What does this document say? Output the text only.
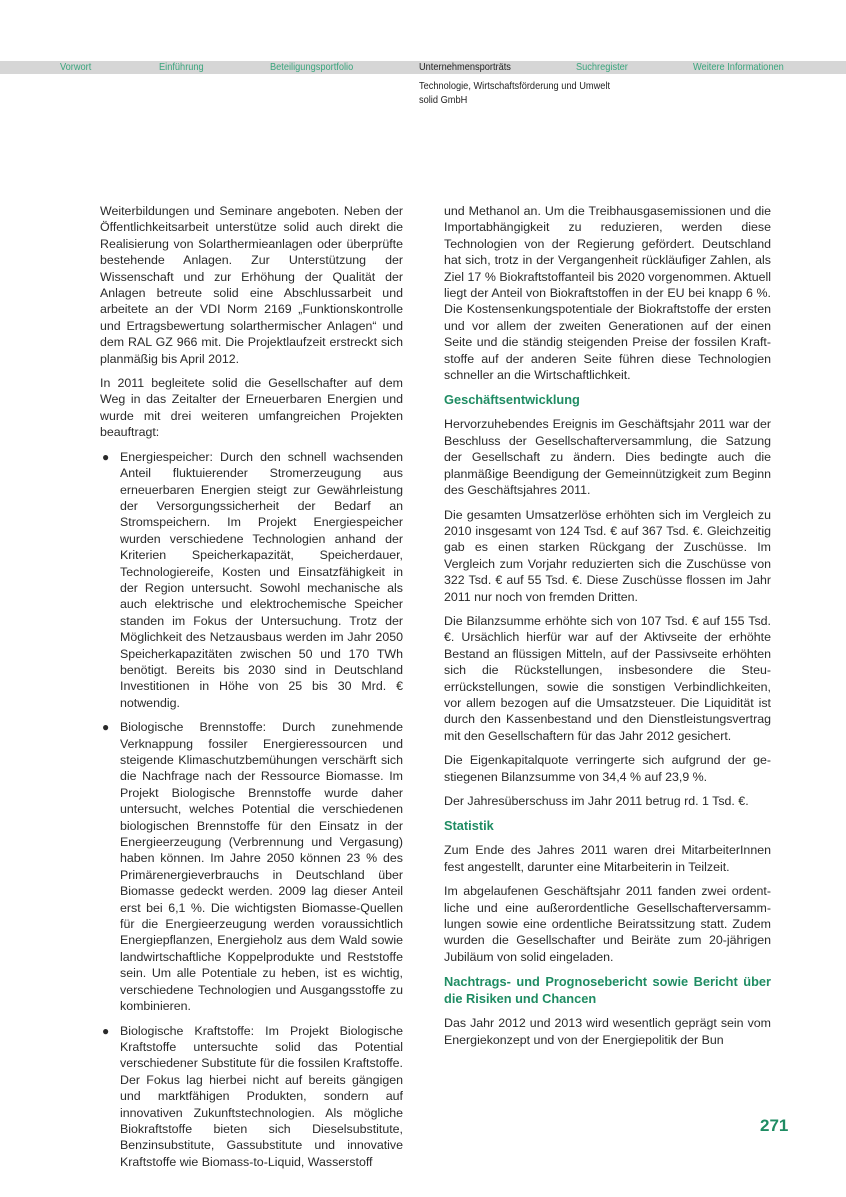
Vorwort	Einführung	Beteiligungsportfolio	Unternehmensporträts	Suchregister	Weitere Informationen
Technologie, Wirtschaftsförderung und Umwelt
solid GmbH

Weiterbildungen und Seminare angeboten. Neben der Öffentlichkeitsarbeit unterstütze solid auch direkt die Realisierung von Solarthermieanlagen oder überprüfte bestehende Anlagen. Zur Unterstützung der Wissenschaft und zur Erhöhung der Qualität der Anlagen betreute solid eine Abschlussarbeit und arbeitete an der VDI Norm 2169 „Funktionskontrolle und Ertragsbewertung solarthermischer Anlagen“ und dem RAL GZ 966 mit. Die Projektlaufzeit erstreckt sich planmäßig bis April 2012.

In 2011 begleitete solid die Gesellschafter auf dem Weg in das Zeitalter der Erneuerbaren Energien und wurde mit drei weiteren umfangreichen Projekten beauftragt:

● Energiespeicher: Durch den schnell wachsenden Anteil fluktuierender Stromerzeugung aus erneuerbaren Energien steigt zur Gewährleistung der Versorgungssicherheit der Bedarf an Stromspeichern. Im Projekt Energiespeicher wurden verschiedene Technologien anhand der Kriterien Speicherkapazität, Speicherdauer, Technologiereife, Kosten und Einsatzfähigkeit in der Region untersucht. Sowohl mechanische als auch elektrische und elektrochemische Speicher standen im Fokus der Untersuchung. Trotz der Möglichkeit des Netzausbaus werden im Jahr 2050 Speicherkapazitäten zwischen 50 und 170 TWh benötigt. Bereits bis 2030 sind in Deutschland Investitionen in Höhe von 25 bis 30 Mrd. € notwendig.
● Biologische Brennstoffe: Durch zunehmende Verknappung fossiler Energieressourcen und steigende Klimaschutzbemühungen verschärft sich die Nachfrage nach der Ressource Biomasse. Im Projekt Biologische Brennstoffe wurde daher untersucht, welches Potential die verschiedenen biologischen Brennstoffe für den Einsatz in der Energieerzeugung (Verbrennung und Vergasung) haben können. Im Jahre 2050 können 23 % des Primärenergieverbrauchs in Deutschland über Biomasse gedeckt werden. 2009 lag dieser Anteil erst bei 6,1 %. Die wichtigsten Biomasse-Quellen für die Energieerzeugung werden voraussichtlich Energiepflanzen, Energieholz aus dem Wald sowie landwirtschaftliche Koppelprodukte und Reststoffe sein. Um alle Potentiale zu heben, ist es wichtig, verschiedene Technologien und Ausgangsstoffe zu kombinieren.
● Biologische Kraftstoffe: Im Projekt Biologische Kraftstoffe untersuchte solid das Potential verschiedener Substitute für die fossilen Kraftstoffe. Der Fokus lag hierbei nicht auf bereits gängigen und marktfähigen Produkten, sondern auf innovativen Zukunftstechnologien. Als mögliche Biokraftstoffe bieten sich Dieselsubstitute, Benzinsubstitute, Gassubstitute und innovative Kraftstoffe wie Biomass-to-Liquid, Wasserstoff

und Methanol an. Um die Treibhausgasemissionen und die Importabhängigkeit zu reduzieren, werden diese Technologien von der Regierung gefördert. Deutschland hat sich, trotz in der Vergangenheit rückläufiger Zahlen, als Ziel 17 % Biokraftstoffanteil bis 2020 vorgenommen. Aktuell liegt der Anteil von Biokraftstoffen in der EU bei knapp 6 %. Die Kostensenkungspotentiale der Biokraftstoffe der ersten und vor allem der zweiten Generationen auf der einen Seite und die ständig steigenden Preise der fossilen Kraftstoffe auf der anderen Seite führen diese Technologien schneller an die Wirtschaftlichkeit.

Geschäftsentwicklung

Hervorzuhebendes Ereignis im Geschäftsjahr 2011 war der Beschluss der Gesellschafterversammlung, die Satzung der Gesellschaft zu ändern. Dies bedingte auch die planmäßige Beendigung der Gemeinnützigkeit zum Beginn des Geschäftsjahres 2011.

Die gesamten Umsatzerlöse erhöhten sich im Vergleich zu 2010 insgesamt von 124 Tsd. € auf 367 Tsd. €. Gleichzeitig gab es einen starken Rückgang der Zuschüsse. Im Vergleich zum Vorjahr reduzierten sich die Zuschüsse von 322 Tsd. € auf 55 Tsd. €. Diese Zuschüsse flossen im Jahr 2011 nur noch von fremden Dritten.

Die Bilanzsumme erhöhte sich von 107 Tsd. € auf 155 Tsd. €. Ursächlich hierfür war auf der Aktivseite der erhöhte Bestand an flüssigen Mitteln, auf der Passivseite erhöhten sich die Rückstellungen, insbesondere die Steuerrückstellungen, sowie die sonstigen Verbindlichkeiten, vor allem bezogen auf die Umsatzsteuer. Die Liquidität ist durch den Kassenbestand und den Dienstleistungsvertrag mit den Gesellschaftern für das Jahr 2012 gesichert.

Die Eigenkapitalquote verringerte sich aufgrund der gestiegenen Bilanzsumme von 34,4 % auf 23,9 %.

Der Jahresüberschuss im Jahr 2011 betrug rd. 1 Tsd. €.

Statistik

Zum Ende des Jahres 2011 waren drei MitarbeiterInnen fest angestellt, darunter eine Mitarbeiterin in Teilzeit.

Im abgelaufenen Geschäftsjahr 2011 fanden zwei ordentliche und eine außerordentliche Gesellschafterversammlungen sowie eine ordentliche Beiratssitzung statt. Zudem wurden die Gesellschafter und Beiräte zum 20-jährigen Jubiläum von solid eingeladen.

Nachtrags- und Prognosebericht sowie Bericht über die Risiken und Chancen

Das Jahr 2012 und 2013 wird wesentlich geprägt sein vom Energiekonzept und von der Energiepolitik der Bun

271
